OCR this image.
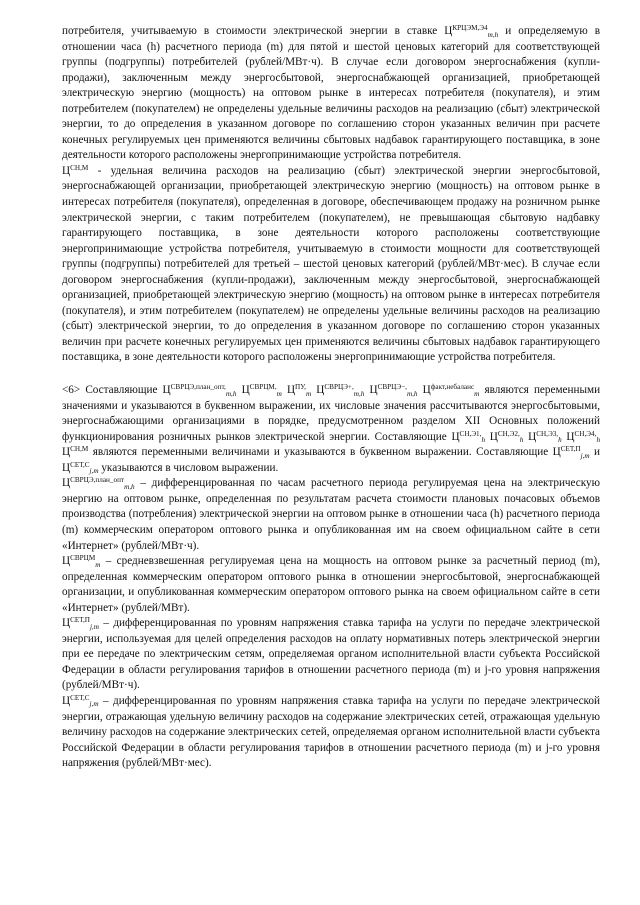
потребителя, учитываемую в стоимости электрической энергии в ставке $Ц^{КРЦЭМ,Э4}_{m,h}$ и определяемую в отношении часа (h) расчетного периода (m) для пятой и шестой ценовых категорий для соответствующей группы (подгруппы) потребителей (рублей/МВт·ч). В случае если договором энергоснабжения (купли-продажи), заключенным между энергосбытовой, энергоснабжающей организацией, приобретающей электрическую энергию (мощность) на оптовом рынке в интересах потребителя (покупателя), и этим потребителем (покупателем) не определены удельные величины расходов на реализацию (сбыт) электрической энергии, то до определения в указанном договоре по соглашению сторон указанных величин при расчете конечных регулируемых цен применяются величины сбытовых надбавок гарантирующего поставщика, в зоне деятельности которого расположены энергопринимающие устройства потребителя.

$Ц^{СН,М}$ - удельная величина расходов на реализацию (сбыт) электрической энергии энергосбытовой, энергоснабжающей организации, приобретающей электрическую энергию (мощность) на оптовом рынке в интересах потребителя (покупателя), определенная в договоре, обеспечивающем продажу на розничном рынке электрической энергии, с таким потребителем (покупателем), не превышающая сбытовую надбавку гарантирующего поставщика, в зоне деятельности которого расположены соответствующие энергопринимающие устройства потребителя, учитываемую в стоимости мощности для соответствующей группы (подгруппы) потребителей для третьей – шестой ценовых категорий (рублей/МВт·мес). В случае если договором энергоснабжения (купли-продажи), заключенным между энергосбытовой, энергоснабжающей организацией, приобретающей электрическую энергию (мощность) на оптовом рынке в интересах потребителя (покупателя), и этим потребителем (покупателем) не определены удельные величины расходов на реализацию (сбыт) электрической энергии, то до определения в указанном договоре по соглашению сторон указанных величин при расчете конечных регулируемых цен применяются величины сбытовых надбавок гарантирующего поставщика, в зоне деятельности которого расположены энергопринимающие устройства потребителя.

<6> Составляющие $Ц^{СВРЦЭ,план\_опт,}_{m,h}$ $Ц^{СВРЦМ,}_m$ $Ц^{ПУ,}_m$ $Ц^{СВРЦЭ+,}_{m,h}$ $Ц^{СВРЦЭ-,}_{m,h}$ $Ц^{факт,небаланс}_m$ являются переменными значениями и указываются в буквенном выражении, их числовые значения рассчитываются энергосбытовыми, энергоснабжающими организациями в порядке, предусмотренном разделом XII Основных положений функционирования розничных рынков электрической энергии. Составляющие $Ц^{СН,Э1,}_h$ $Ц^{СН,Э2,}_h$ $Ц^{СН,Э3,}_h$ $Ц^{СН,Э4,}_h$ $Ц^{СН,М}$ являются переменными величинами и указываются в буквенном выражении. Составляющие $Ц^{СЕТ,П}_{j,m}$ и $Ц^{СЕТ,С}_{j,m}$ указываются в числовом выражении.

$Ц^{СВРЦЭ,план\_опт}_{m,h}$ – дифференцированная по часам расчетного периода регулируемая цена на электрическую энергию на оптовом рынке, определенная по результатам расчета стоимости плановых почасовых объемов производства (потребления) электрической энергии на оптовом рынке в отношении часа (h) расчетного периода (m) коммерческим оператором оптового рынка и опубликованная им на своем официальном сайте в сети «Интернет» (рублей/МВт·ч).

$Ц^{СВРЦМ}_m$ – средневзвешенная регулируемая цена на мощность на оптовом рынке за расчетный период (m), определенная коммерческим оператором оптового рынка в отношении энергосбытовой, энергоснабжающей организации, и опубликованная коммерческим оператором оптового рынка на своем официальном сайте в сети «Интернет» (рублей/МВт).

$Ц^{СЕТ,П}_{j,m}$ – дифференцированная по уровням напряжения ставка тарифа на услуги по передаче электрической энергии, используемая для целей определения расходов на оплату нормативных потерь электрической энергии при ее передаче по электрическим сетям, определяемая органом исполнительной власти субъекта Российской Федерации в области регулирования тарифов в отношении расчетного периода (m) и j-го уровня напряжения (рублей/МВт·ч).

$Ц^{СЕТ,С}_{j,m}$ – дифференцированная по уровням напряжения ставка тарифа на услуги по передаче электрической энергии, отражающая удельную величину расходов на содержание электрических сетей, отражающая удельную величину расходов на содержание электрических сетей, определяемая органом исполнительной власти субъекта Российской Федерации в области регулирования тарифов в отношении расчетного периода (m) и j-го уровня напряжения (рублей/МВт·мес).
